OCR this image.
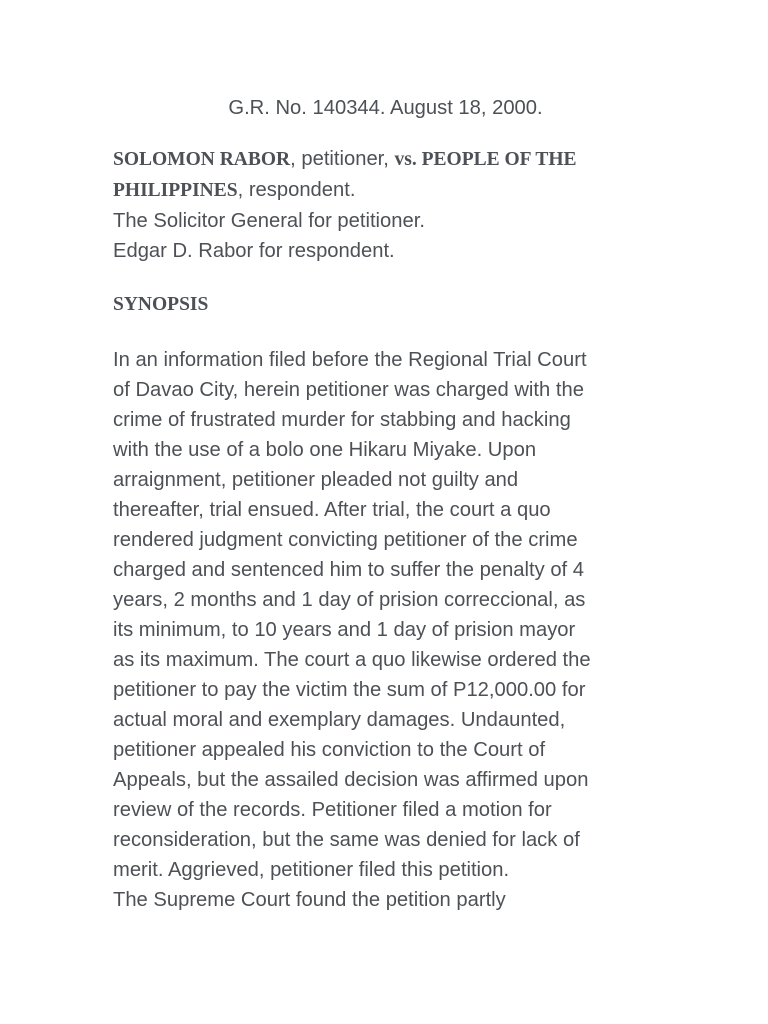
G.R. No. 140344. August 18, 2000.
SOLOMON RABOR, petitioner, vs. PEOPLE OF THE
PHILIPPINES, respondent.
The Solicitor General for petitioner.
Edgar D. Rabor for respondent.
SYNOPSIS
In an information filed before the Regional Trial Court
of Davao City, herein petitioner was charged with the
crime of frustrated murder for stabbing and hacking
with the use of a bolo one Hikaru Miyake. Upon
arraignment, petitioner pleaded not guilty and
thereafter, trial ensued. After trial, the court a quo
rendered judgment convicting petitioner of the crime
charged and sentenced him to suffer the penalty of 4
years, 2 months and 1 day of prision correccional, as
its minimum, to 10 years and 1 day of prision mayor
as its maximum. The court a quo likewise ordered the
petitioner to pay the victim the sum of P12,000.00 for
actual moral and exemplary damages. Undaunted,
petitioner appealed his conviction to the Court of
Appeals, but the assailed decision was affirmed upon
review of the records. Petitioner filed a motion for
reconsideration, but the same was denied for lack of
merit. Aggrieved, petitioner filed this petition.
The Supreme Court found the petition partly
